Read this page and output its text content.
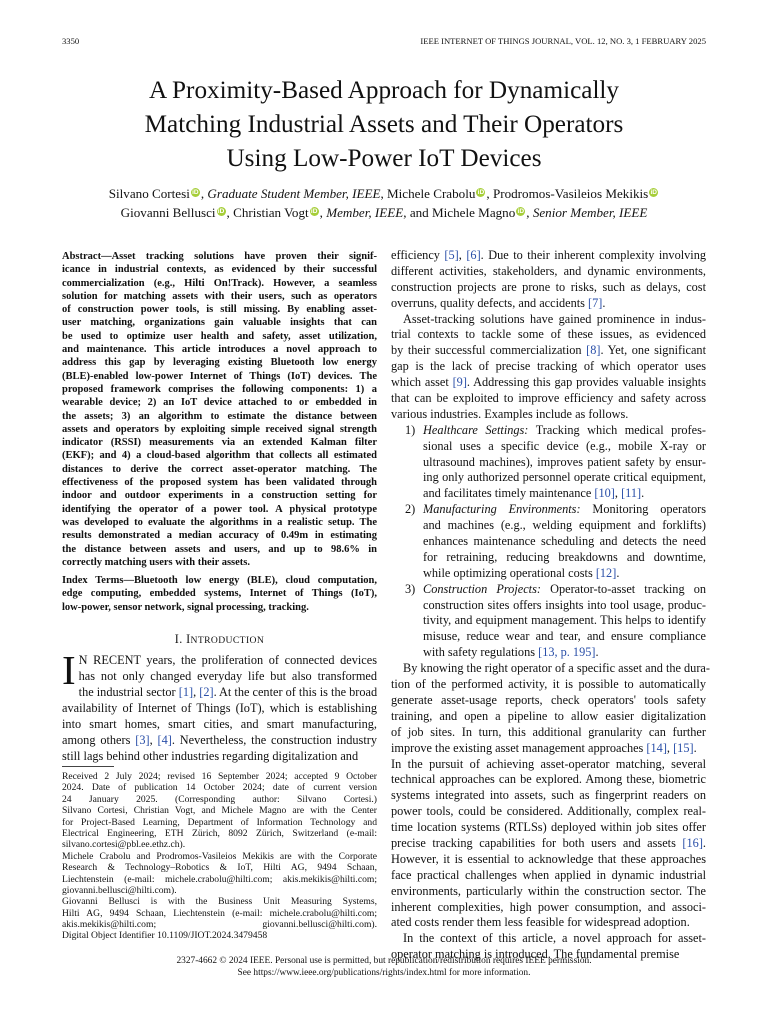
3350	IEEE INTERNET OF THINGS JOURNAL, VOL. 12, NO. 3, 1 FEBRUARY 2025
A Proximity-Based Approach for Dynamically
Matching Industrial Assets and Their Operators
Using Low-Power IoT Devices
Silvano Cortesi iD , Graduate Student Member, IEEE, Michele Crabolu iD , Prodromos-Vasileios Mekikis iD
Giovanni Bellusci iD , Christian Vogt iD , Member, IEEE, and Michele Magno iD , Senior Member, IEEE
Abstract—Asset tracking solutions have proven their signif-
icance in industrial contexts, as evidenced by their successful
commercialization (e.g., Hilti On!Track). However, a seamless
solution for matching assets with their users, such as operators
of construction power tools, is still missing. By enabling asset-
user matching, organizations gain valuable insights that can
be used to optimize user health and safety, asset utilization,
and maintenance. This article introduces a novel approach to
address this gap by leveraging existing Bluetooth low energy
(BLE)-enabled low-power Internet of Things (IoT) devices. The
proposed framework comprises the following components: 1) a
wearable device; 2) an IoT device attached to or embedded in
the assets; 3) an algorithm to estimate the distance between
assets and operators by exploiting simple received signal strength
indicator (RSSI) measurements via an extended Kalman filter
(EKF); and 4) a cloud-based algorithm that collects all estimated
distances to derive the correct asset-operator matching. The
effectiveness of the proposed system has been validated through
indoor and outdoor experiments in a construction setting for
identifying the operator of a power tool. A physical prototype
was developed to evaluate the algorithms in a realistic setup. The
results demonstrated a median accuracy of 0.49m in estimating
the distance between assets and users, and up to 98.6% in
correctly matching users with their assets.
Index Terms—Bluetooth low energy (BLE), cloud computation,
edge computing, embedded systems, Internet of Things (IoT),
low-power, sensor network, signal processing, tracking.
I. INTRODUCTION
I N RECENT years, the proliferation of connected devices
has not only changed everyday life but also transformed
the industrial sector [1], [2]. At the center of this is the broad
availability of Internet of Things (IoT), which is establishing
into smart homes, smart cities, and smart manufacturing,
among others [3], [4]. Nevertheless, the construction industry
still lags behind other industries regarding digitalization and
Received 2 July 2024; revised 16 September 2024; accepted 9 October
2024. Date of publication 14 October 2024; date of current version
24 January 2025. (Corresponding author: Silvano Cortesi.)
Silvano Cortesi, Christian Vogt, and Michele Magno are with the Center
for Project-Based Learning, Department of Information Technology and
Electrical Engineering, ETH Zürich, 8092 Zürich, Switzerland (e-mail:
silvano.cortesi@pbl.ee.ethz.ch).
Michele Crabolu and Prodromos-Vasileios Mekikis are with the Corporate
Research & Technology–Robotics & IoT, Hilti AG, 9494 Schaan,
Liechtenstein (e-mail: michele.crabolu@hilti.com; akis.mekikis@hilti.com;
giovanni.bellusci@hilti.com).
Giovanni Bellusci is with the Business Unit Measuring Systems,
Hilti AG, 9494 Schaan, Liechtenstein (e-mail: michele.crabolu@hilti.com;
akis.mekikis@hilti.com; giovanni.bellusci@hilti.com).
Digital Object Identifier 10.1109/JIOT.2024.3479458
efficiency [5], [6]. Due to their inherent complexity involving
different activities, stakeholders, and dynamic environments,
construction projects are prone to risks, such as delays, cost
overruns, quality defects, and accidents [7].
Asset-tracking solutions have gained prominence in indus-
trial contexts to tackle some of these issues, as evidenced
by their successful commercialization [8]. Yet, one significant
gap is the lack of precise tracking of which operator uses
which asset [9]. Addressing this gap provides valuable insights
that can be exploited to improve efficiency and safety across
various industries. Examples include as follows.
1) Healthcare Settings: Tracking which medical profes-
sional uses a specific device (e.g., mobile X-ray or
ultrasound machines), improves patient safety by ensur-
ing only authorized personnel operate critical equipment,
and facilitates timely maintenance [10], [11].
2) Manufacturing Environments: Monitoring operators
and machines (e.g., welding equipment and forklifts)
enhances maintenance scheduling and detects the need
for retraining, reducing breakdowns and downtime,
while optimizing operational costs [12].
3) Construction Projects: Operator-to-asset tracking on
construction sites offers insights into tool usage, produc-
tivity, and equipment management. This helps to identify
misuse, reduce wear and tear, and ensure compliance
with safety regulations [13, p. 195].
By knowing the right operator of a specific asset and the dura-
tion of the performed activity, it is possible to automatically
generate asset-usage reports, check operators' tools safety
training, and open a pipeline to allow easier digitalization
of job sites. In turn, this additional granularity can further
improve the existing asset management approaches [14], [15].
In the pursuit of achieving asset-operator matching, several
technical approaches can be explored. Among these, biometric
systems integrated into assets, such as fingerprint readers on
power tools, could be considered. Additionally, complex real-
time location systems (RTLSs) deployed within job sites offer
precise tracking capabilities for both users and assets [16].
However, it is essential to acknowledge that these approaches
face practical challenges when applied in dynamic industrial
environments, particularly within the construction sector. The
inherent complexities, high power consumption, and associ-
ated costs render them less feasible for widespread adoption.
In the context of this article, a novel approach for asset-
operator matching is introduced. The fundamental premise
2327-4662 © 2024 IEEE. Personal use is permitted, but republication/redistribution requires IEEE permission.
See https://www.ieee.org/publications/rights/index.html for more information.
